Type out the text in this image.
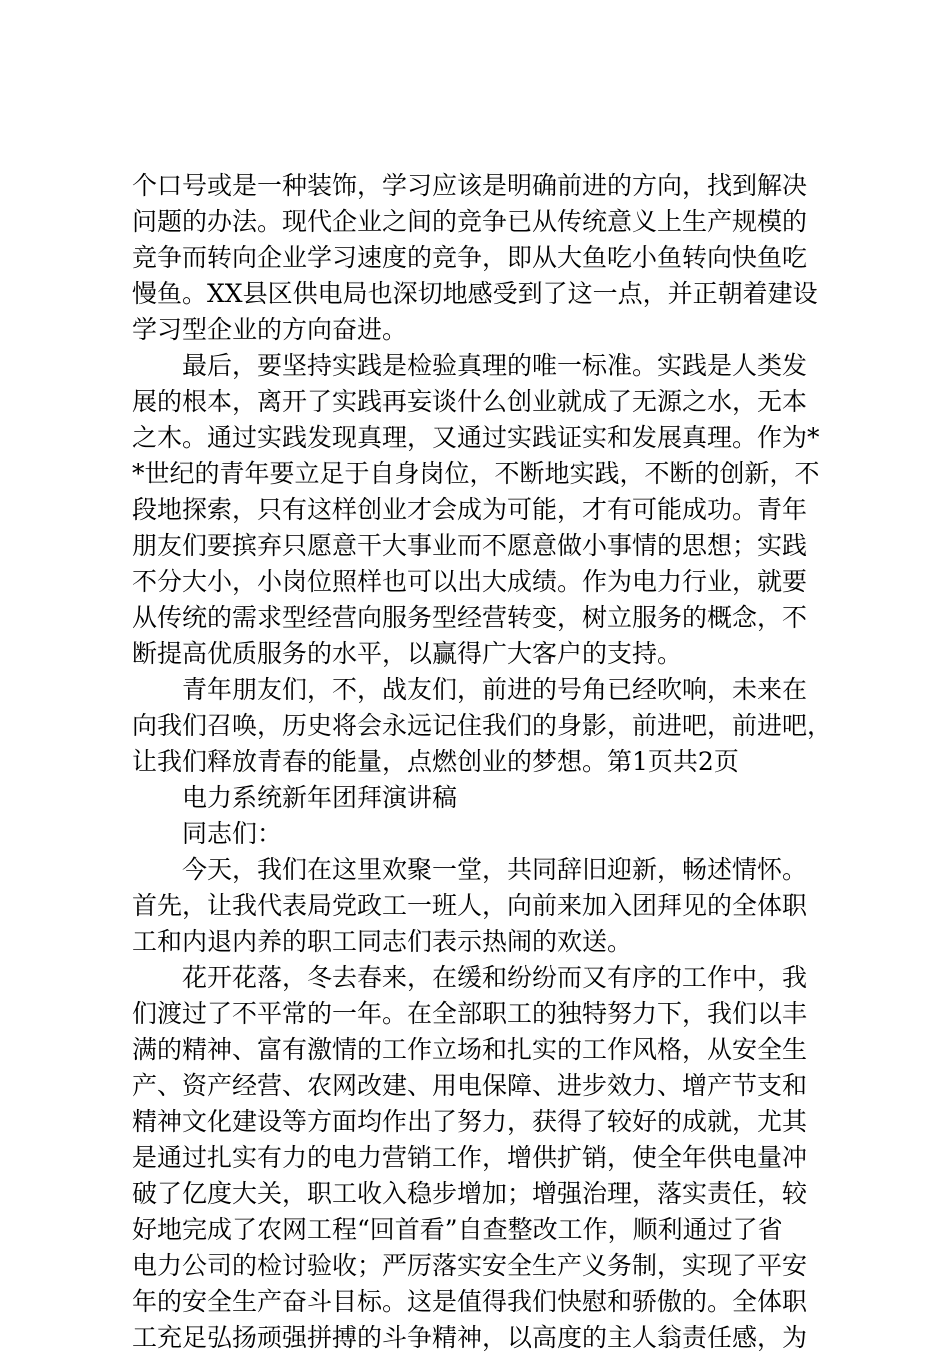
个口号或是一种装饰，学习应该是明确前进的方向，找到解决
问题的办法。现代企业之间的竞争已从传统意义上生产规模的
竞争而转向企业学习速度的竞争，即从大鱼吃小鱼转向快鱼吃
慢鱼。XX县区供电局也深切地感受到了这一点，并正朝着建设
学习型企业的方向奋进。
最后，要坚持实践是检验真理的唯一标准。实践是人类发
展的根本，离开了实践再妄谈什么创业就成了无源之水，无本
之木。通过实践发现真理，又通过实践证实和发展真理。作为*
*世纪的青年要立足于自身岗位，不断地实践，不断的创新，不
段地探索，只有这样创业才会成为可能，才有可能成功。青年
朋友们要摈弃只愿意干大事业而不愿意做小事情的思想；实践
不分大小，小岗位照样也可以出大成绩。作为电力行业，就要
从传统的需求型经营向服务型经营转变，树立服务的概念，不
断提高优质服务的水平，以赢得广大客户的支持。
青年朋友们，不，战友们，前进的号角已经吹响，未来在
向我们召唤，历史将会永远记住我们的身影，前进吧，前进吧，
让我们释放青春的能量，点燃创业的梦想。第1页共2页
电力系统新年团拜演讲稿
同志们：
今天，我们在这里欢聚一堂，共同辞旧迎新，畅述情怀。
首先，让我代表局党政工一班人，向前来加入团拜见的全体职
工和内退内养的职工同志们表示热闹的欢送。
花开花落，冬去春来，在缓和纷纷而又有序的工作中，我
们渡过了不平常的一年。在全部职工的独特努力下，我们以丰
满的精神、富有激情的工作立场和扎实的工作风格，从安全生
产、资产经营、农网改建、用电保障、进步效力、增产节支和
精神文化建设等方面均作出了努力，获得了较好的成就，尤其
是通过扎实有力的电力营销工作，增供扩销，使全年供电量冲
破了亿度大关，职工收入稳步增加；增强治理，落实责任，较
好地完成了农网工程“回首看”自查整改工作，顺利通过了省
电力公司的检讨验收；严厉落实安全生产义务制，实现了平安
年的安全生产奋斗目标。这是值得我们快慰和骄傲的。全体职
工充足弘扬顽强拼搏的斗争精神，以高度的主人翁责任感，为
